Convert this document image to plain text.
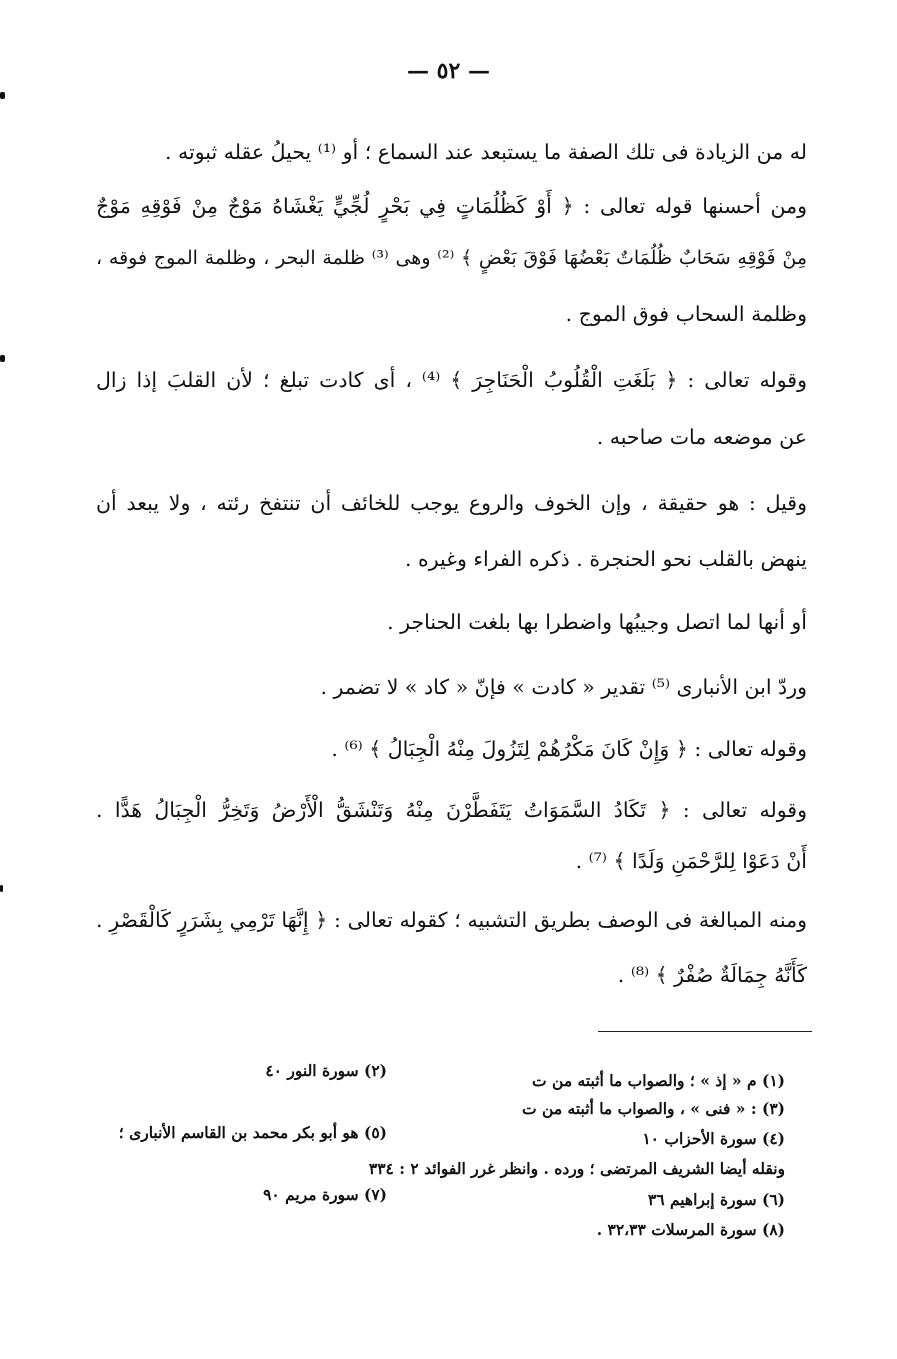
— ٥٢ —
له من الزيادة فى تلك الصفة ما يستبعد عند السماع ؛ أو ⁽¹⁾ يحيلُ عقله ثبوته .
ومن أحسنها قوله تعالى : ﴿ أَوْ كَظُلُمَاتٍ فِي بَحْرٍ لُجِّيٍّ يَغْشَاهُ مَوْجٌ مِنْ فَوْقِهِ مَوْجٌ
مِنْ فَوْقِهِ سَحَابٌ ظُلُمَاتٌ بَعْضُهَا فَوْقَ بَعْضٍ ﴾ ⁽²⁾ وهى ⁽³⁾ ظلمة البحر ، وظلمة الموج فوقه ،
وظلمة السحاب فوق الموج .
وقوله تعالى : ﴿ بَلَغَتِ الْقُلُوبُ الْحَنَاجِرَ ﴾ ⁽⁴⁾ ، أى كادت تبلغ ؛ لأن القلبَ إذا زال
عن موضعه مات صاحبه .
وقيل : هو حقيقة ، وإن الخوف والروع يوجب للخائف أن تنتفخ رئته ، ولا يبعد أن
ينهض بالقلب نحو الحنجرة . ذكره الفراء وغيره .
أو أنها لما اتصل وجيبُها واضطرا بها بلغت الحناجر .
وردّ ابن الأنبارى ⁽⁵⁾ تقدير « كادت » فإنّ « كاد » لا تضمر .
وقوله تعالى : ﴿ وَإِنْ كَانَ مَكْرُهُمْ لِتَزُولَ مِنْهُ الْجِبَالُ ﴾ ⁽⁶⁾ .
وقوله تعالى : ﴿ تَكَادُ السَّمَوَاتُ يَتَفَطَّرْنَ مِنْهُ وَتَنْشَقُّ الْأَرْضُ وَتَخِرُّ الْجِبَالُ هَدًّا .
أَنْ دَعَوْا لِلرَّحْمَنِ وَلَدًا ﴾ ⁽⁷⁾ .
ومنه المبالغة فى الوصف بطريق التشبيه ؛ كقوله تعالى : ﴿ إِنَّهَا تَرْمِي بِشَرَرٍ كَالْقَصْرِ .
كَأَنَّهُ جِمَالَةٌ صُفْرٌ ﴾ ⁽⁸⁾ .
(١) م « إذ » ؛ والصواب ما أثبته من ت
(٢) سورة النور ٤٠
(٣) : « فنى » ، والصواب ما أثبته من ت
(٤) سورة الأحزاب ١٠
(٥) هو أبو بكر محمد بن القاسم الأنبارى ؛
ونقله أيضا الشريف المرتضى ؛ ورده . وانظر غرر الفوائد ٢ : ٣٣٤
(٦) سورة إبراهيم ٣٦
(٧) سورة مريم ٩٠
(٨) سورة المرسلات ٣٢،٣٣ .
